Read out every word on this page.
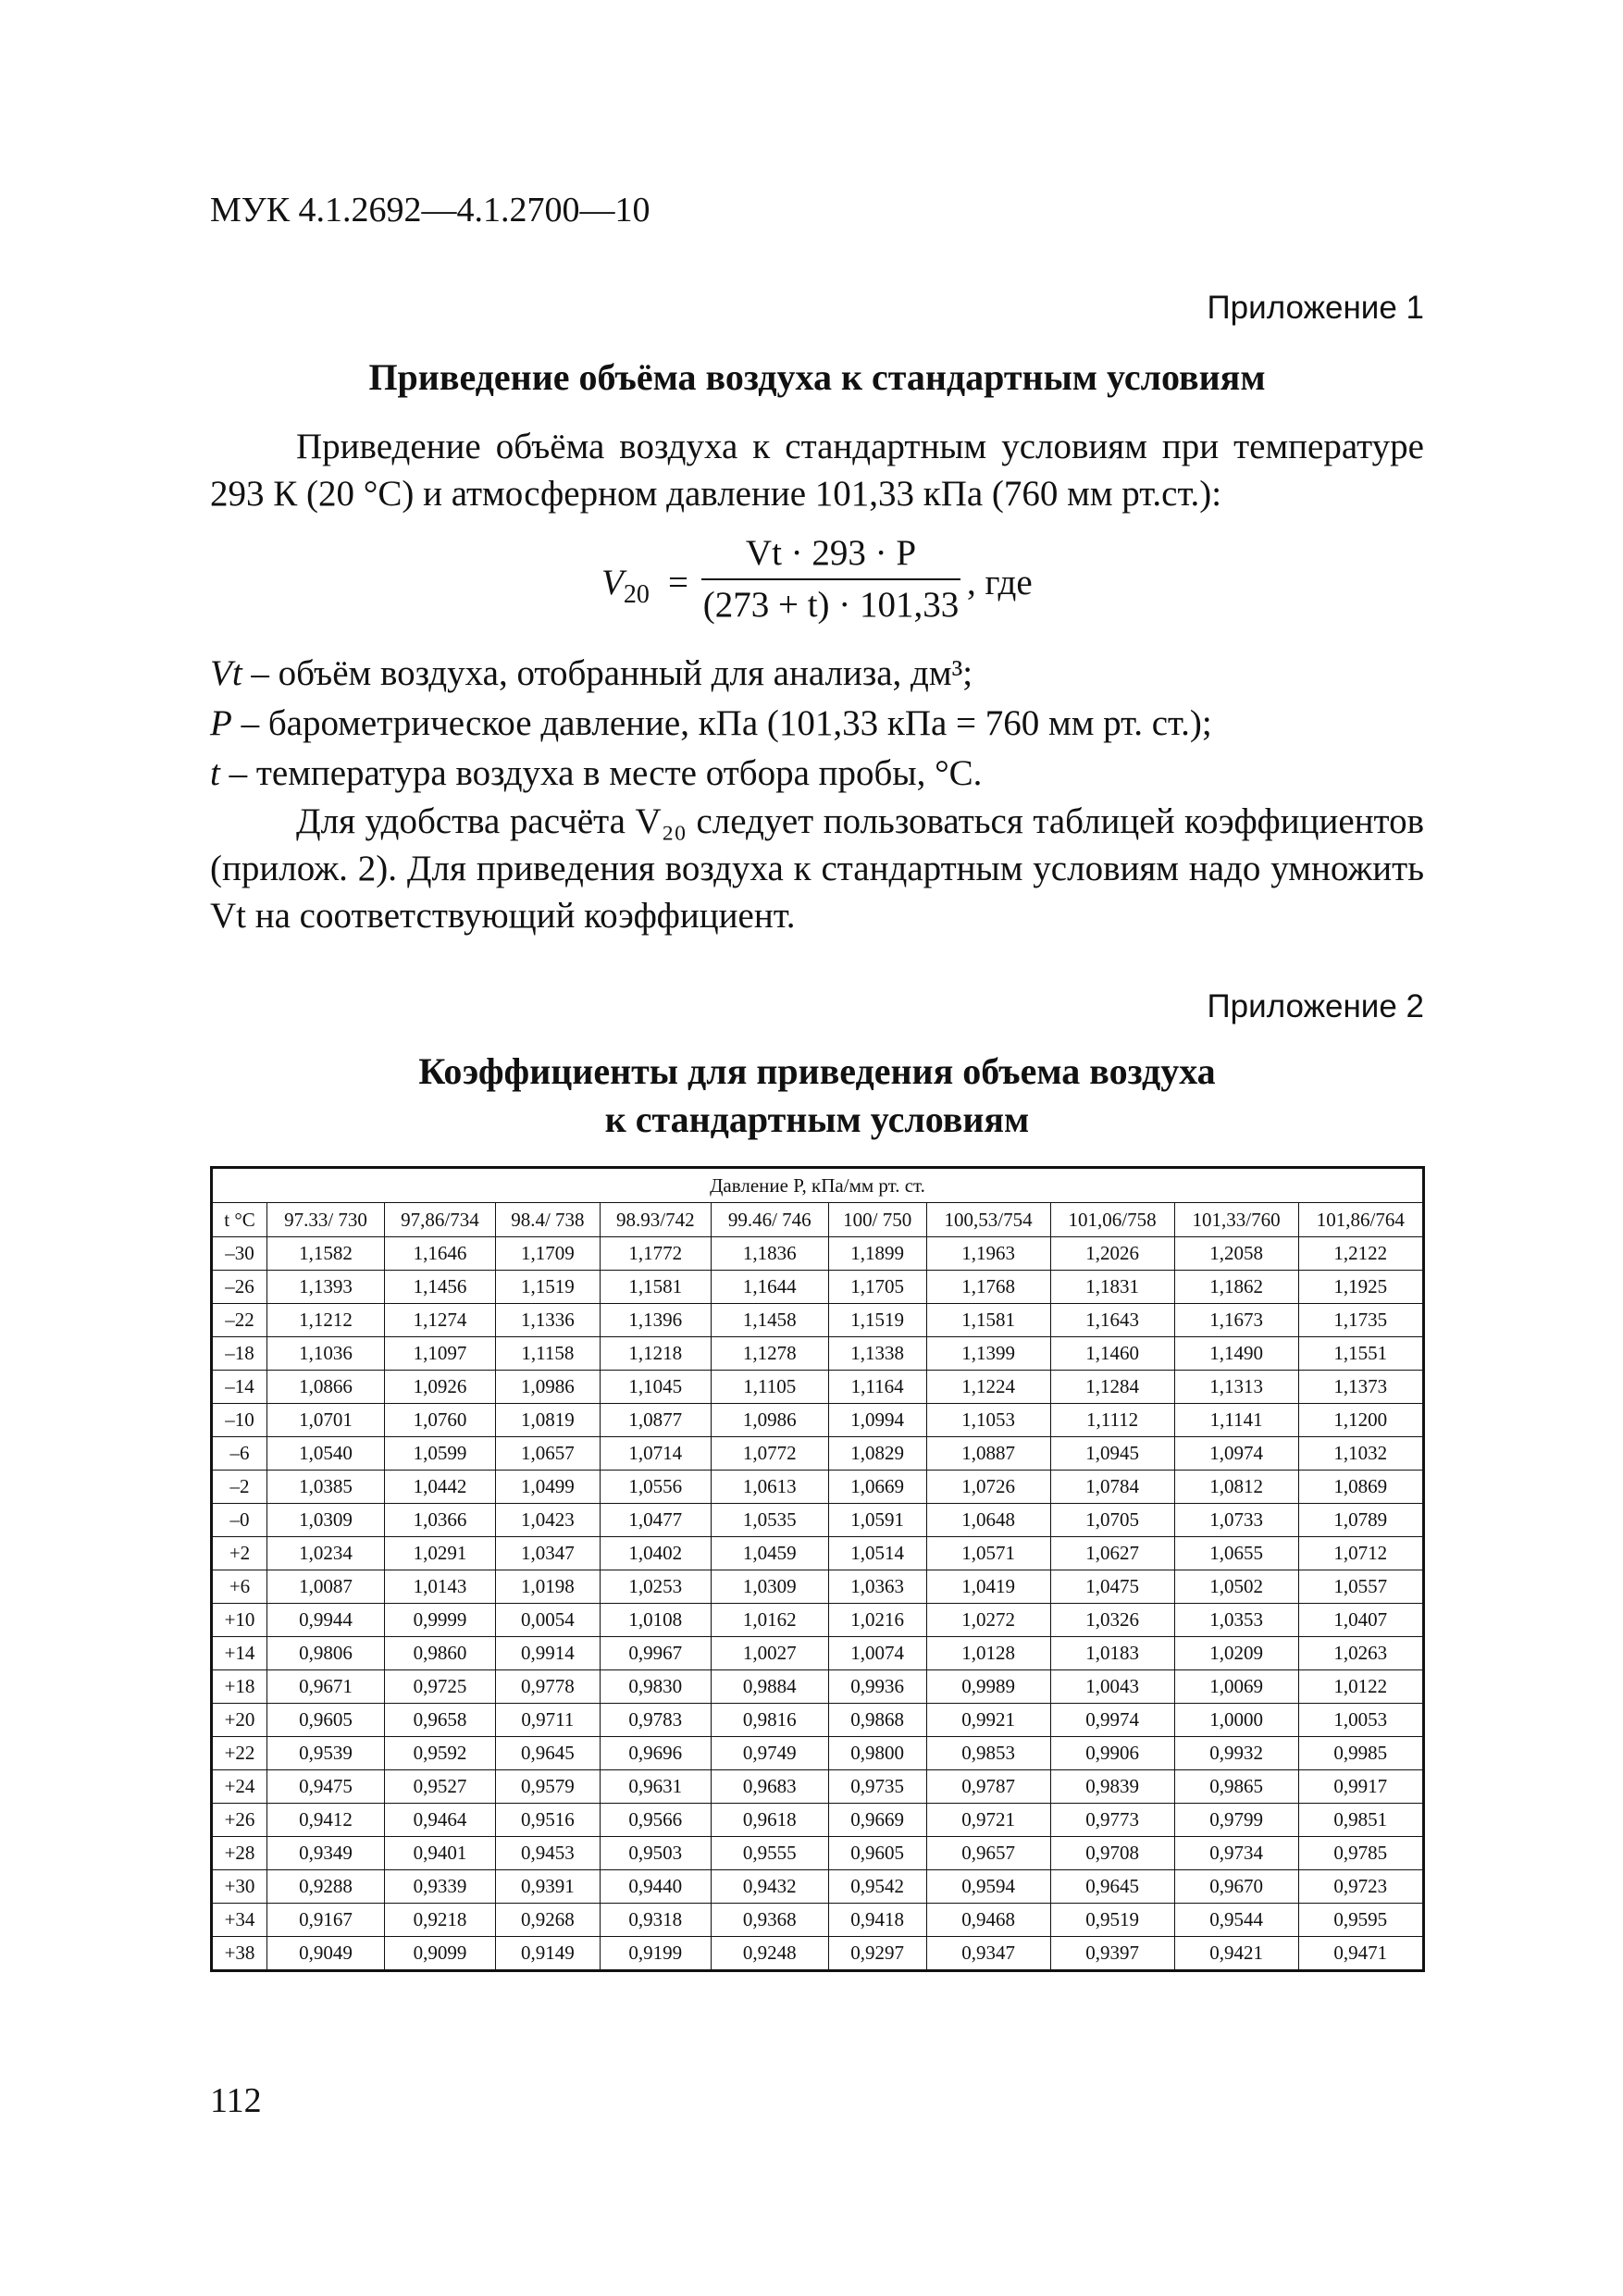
МУК 4.1.2692—4.1.2700—10
Приложение 1
Приведение объёма воздуха к стандартным условиям
Приведение объёма воздуха к стандартным условиям при температуре 293 К (20 °С) и атмосферном давление 101,33 кПа (760 мм рт.ст.):
$V_{20}$ =
Vt · 293 · P
(273 + t) · 101,33
, где
Vt – объём воздуха, отобранный для анализа, дм³;
P – барометрическое давление, кПа (101,33 кПа = 760 мм рт. ст.);
t – температура воздуха в месте отбора пробы, °С.
Для удобства расчёта V₂₀ следует пользоваться таблицей коэффициентов (прилож. 2). Для приведения воздуха к стандартным условиям надо умножить Vt на соответствующий коэффициент.
Приложение 2
Коэффициенты для приведения объема воздуха
к стандартным условиям
Давление P, кПа/мм рт. ст.										
t °C	97.33/ 730	97,86/734	98.4/ 738	98.93/742	99.46/ 746	100/ 750	100,53/754	101,06/758	101,33/760	101,86/764
–30	1,1582	1,1646	1,1709	1,1772	1,1836	1,1899	1,1963	1,2026	1,2058	1,2122
–26	1,1393	1,1456	1,1519	1,1581	1,1644	1,1705	1,1768	1,1831	1,1862	1,1925
–22	1,1212	1,1274	1,1336	1,1396	1,1458	1,1519	1,1581	1,1643	1,1673	1,1735
–18	1,1036	1,1097	1,1158	1,1218	1,1278	1,1338	1,1399	1,1460	1,1490	1,1551
–14	1,0866	1,0926	1,0986	1,1045	1,1105	1,1164	1,1224	1,1284	1,1313	1,1373
–10	1,0701	1,0760	1,0819	1,0877	1,0986	1,0994	1,1053	1,1112	1,1141	1,1200
–6	1,0540	1,0599	1,0657	1,0714	1,0772	1,0829	1,0887	1,0945	1,0974	1,1032
–2	1,0385	1,0442	1,0499	1,0556	1,0613	1,0669	1,0726	1,0784	1,0812	1,0869
–0	1,0309	1,0366	1,0423	1,0477	1,0535	1,0591	1,0648	1,0705	1,0733	1,0789
+2	1,0234	1,0291	1,0347	1,0402	1,0459	1,0514	1,0571	1,0627	1,0655	1,0712
+6	1,0087	1,0143	1,0198	1,0253	1,0309	1,0363	1,0419	1,0475	1,0502	1,0557
+10	0,9944	0,9999	0,0054	1,0108	1,0162	1,0216	1,0272	1,0326	1,0353	1,0407
+14	0,9806	0,9860	0,9914	0,9967	1,0027	1,0074	1,0128	1,0183	1,0209	1,0263
+18	0,9671	0,9725	0,9778	0,9830	0,9884	0,9936	0,9989	1,0043	1,0069	1,0122
+20	0,9605	0,9658	0,9711	0,9783	0,9816	0,9868	0,9921	0,9974	1,0000	1,0053
+22	0,9539	0,9592	0,9645	0,9696	0,9749	0,9800	0,9853	0,9906	0,9932	0,9985
+24	0,9475	0,9527	0,9579	0,9631	0,9683	0,9735	0,9787	0,9839	0,9865	0,9917
+26	0,9412	0,9464	0,9516	0,9566	0,9618	0,9669	0,9721	0,9773	0,9799	0,9851
+28	0,9349	0,9401	0,9453	0,9503	0,9555	0,9605	0,9657	0,9708	0,9734	0,9785
+30	0,9288	0,9339	0,9391	0,9440	0,9432	0,9542	0,9594	0,9645	0,9670	0,9723
+34	0,9167	0,9218	0,9268	0,9318	0,9368	0,9418	0,9468	0,9519	0,9544	0,9595
+38	0,9049	0,9099	0,9149	0,9199	0,9248	0,9297	0,9347	0,9397	0,9421	0,9471
112
